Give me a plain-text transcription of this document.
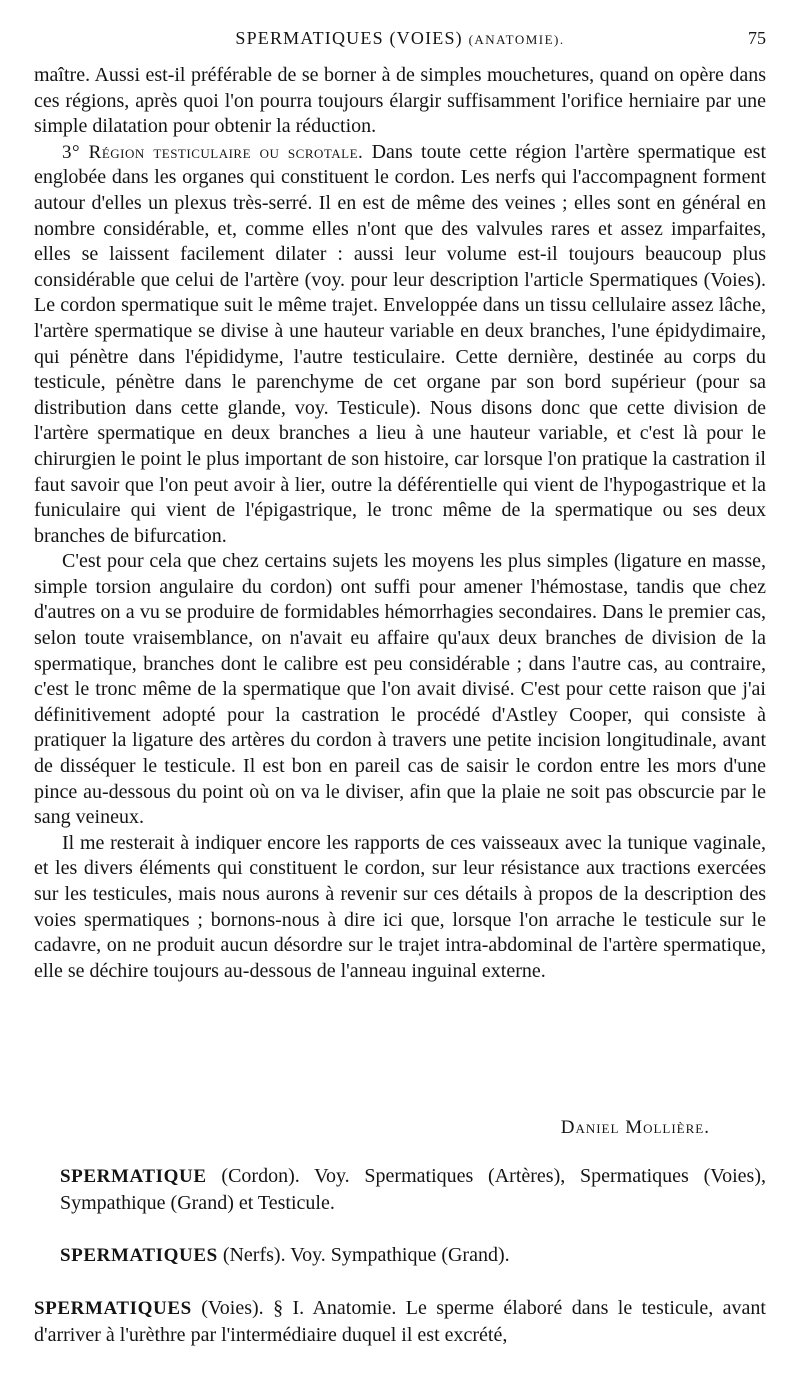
SPERMATIQUES (VOIES) (ANATOMIE).	75

maître. Aussi est-il préférable de se borner à de simples mouchetures, quand on opère dans ces régions, après quoi l'on pourra toujours élargir suffisamment l'orifice herniaire par une simple dilatation pour obtenir la réduction.

3° Région testiculaire ou scrotale. Dans toute cette région l'artère spermatique est englobée dans les organes qui constituent le cordon. Les nerfs qui l'accompagnent forment autour d'elles un plexus très-serré. Il en est de même des veines ; elles sont en général en nombre considérable, et, comme elles n'ont que des valvules rares et assez imparfaites, elles se laissent facilement dilater : aussi leur volume est-il toujours beaucoup plus considérable que celui de l'artère (voy. pour leur description l'article Spermatiques (Voies). Le cordon spermatique suit le même trajet. Enveloppée dans un tissu cellulaire assez lâche, l'artère spermatique se divise à une hauteur variable en deux branches, l'une épidydimaire, qui pénètre dans l'épididyme, l'autre testiculaire. Cette dernière, destinée au corps du testicule, pénètre dans le parenchyme de cet organe par son bord supérieur (pour sa distribution dans cette glande, voy. Testicule). Nous disons donc que cette division de l'artère spermatique en deux branches a lieu à une hauteur variable, et c'est là pour le chirurgien le point le plus important de son histoire, car lorsque l'on pratique la castration il faut savoir que l'on peut avoir à lier, outre la déférentielle qui vient de l'hypogastrique et la funiculaire qui vient de l'épigastrique, le tronc même de la spermatique ou ses deux branches de bifurcation.

C'est pour cela que chez certains sujets les moyens les plus simples (ligature en masse, simple torsion angulaire du cordon) ont suffi pour amener l'hémostase, tandis que chez d'autres on a vu se produire de formidables hémorrhagies secondaires. Dans le premier cas, selon toute vraisemblance, on n'avait eu affaire qu'aux deux branches de division de la spermatique, branches dont le calibre est peu considérable ; dans l'autre cas, au contraire, c'est le tronc même de la spermatique que l'on avait divisé. C'est pour cette raison que j'ai définitivement adopté pour la castration le procédé d'Astley Cooper, qui consiste à pratiquer la ligature des artères du cordon à travers une petite incision longitudinale, avant de disséquer le testicule. Il est bon en pareil cas de saisir le cordon entre les mors d'une pince au-dessous du point où on va le diviser, afin que la plaie ne soit pas obscurcie par le sang veineux.

Il me resterait à indiquer encore les rapports de ces vaisseaux avec la tunique vaginale, et les divers éléments qui constituent le cordon, sur leur résistance aux tractions exercées sur les testicules, mais nous aurons à revenir sur ces détails à propos de la description des voies spermatiques ; bornons-nous à dire ici que, lorsque l'on arrache le testicule sur le cadavre, on ne produit aucun désordre sur le trajet intra-abdominal de l'artère spermatique, elle se déchire toujours au-dessous de l'anneau inguinal externe.

Daniel Mollière.
SPERMATIQUE (Cordon). Voy. Spermatiques (Artères), Spermatiques (Voies), Sympathique (Grand) et Testicule.
SPERMATIQUES (Nerfs). Voy. Sympathique (Grand).
SPERMATIQUES (Voies). § I. Anatomie. Le sperme élaboré dans le testicule, avant d'arriver à l'urèthre par l'intermédiaire duquel il est excrété,
